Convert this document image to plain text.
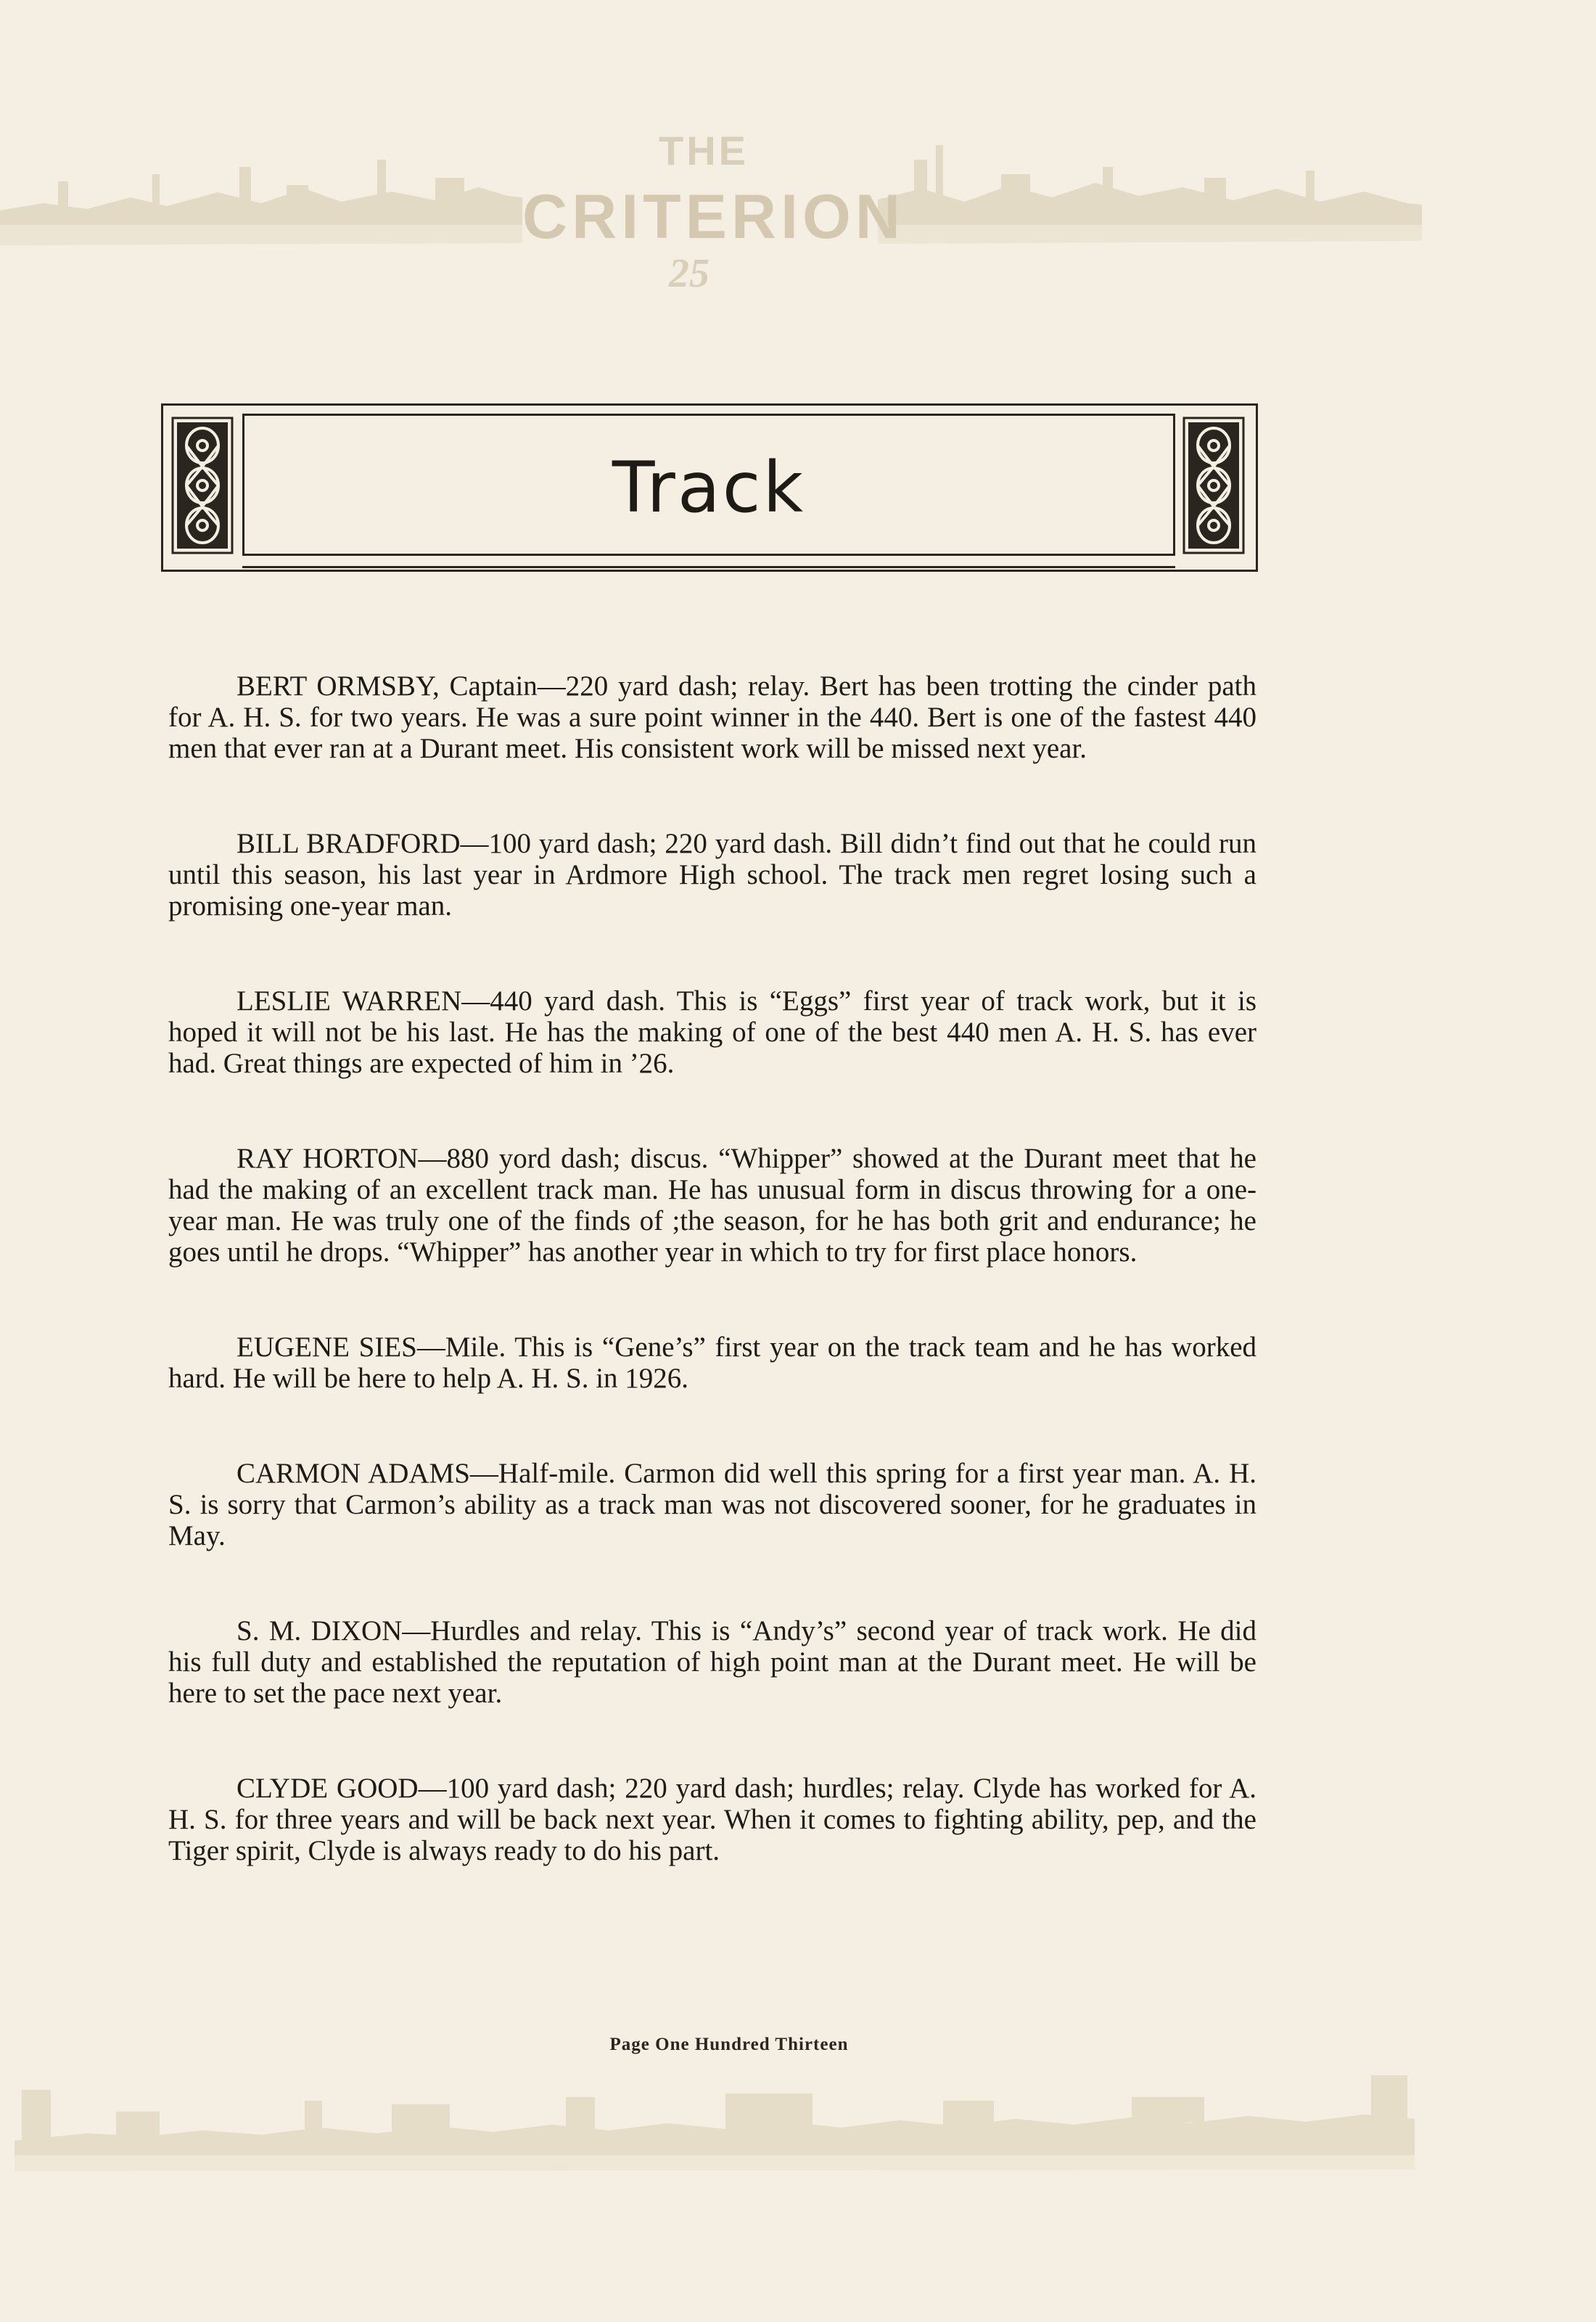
THE
CRITERION
25
Track

BERT ORMSBY, Captain—220 yard dash; relay. Bert has been trotting the cinder path for A. H. S. for two years. He was a sure point winner in the 440. Bert is one of the fastest 440 men that ever ran at a Durant meet. His consistent work will be missed next year.

BILL BRADFORD—100 yard dash; 220 yard dash. Bill didn’t find out that he could run until this season, his last year in Ardmore High school. The track men regret losing such a promising one-year man.

LESLIE WARREN—440 yard dash. This is “Eggs” first year of track work, but it is hoped it will not be his last. He has the making of one of the best 440 men A. H. S. has ever had. Great things are expected of him in ’26.

RAY HORTON—880 yord dash; discus. “Whipper” showed at the Durant meet that he had the making of an excellent track man. He has unusual form in discus throwing for a one-year man. He was truly one of the finds of ;the season, for he has both grit and endurance; he goes until he drops. “Whipper” has another year in which to try for first place honors.

EUGENE SIES—Mile. This is “Gene’s” first year on the track team and he has worked hard. He will be here to help A. H. S. in 1926.

CARMON ADAMS—Half-mile. Carmon did well this spring for a first year man. A. H. S. is sorry that Carmon’s ability as a track man was not discovered sooner, for he graduates in May.

S. M. DIXON—Hurdles and relay. This is “Andy’s” second year of track work. He did his full duty and established the reputation of high point man at the Durant meet. He will be here to set the pace next year.

CLYDE GOOD—100 yard dash; 220 yard dash; hurdles; relay. Clyde has worked for A. H. S. for three years and will be back next year. When it comes to fighting ability, pep, and the Tiger spirit, Clyde is always ready to do his part.

Page One Hundred Thirteen
